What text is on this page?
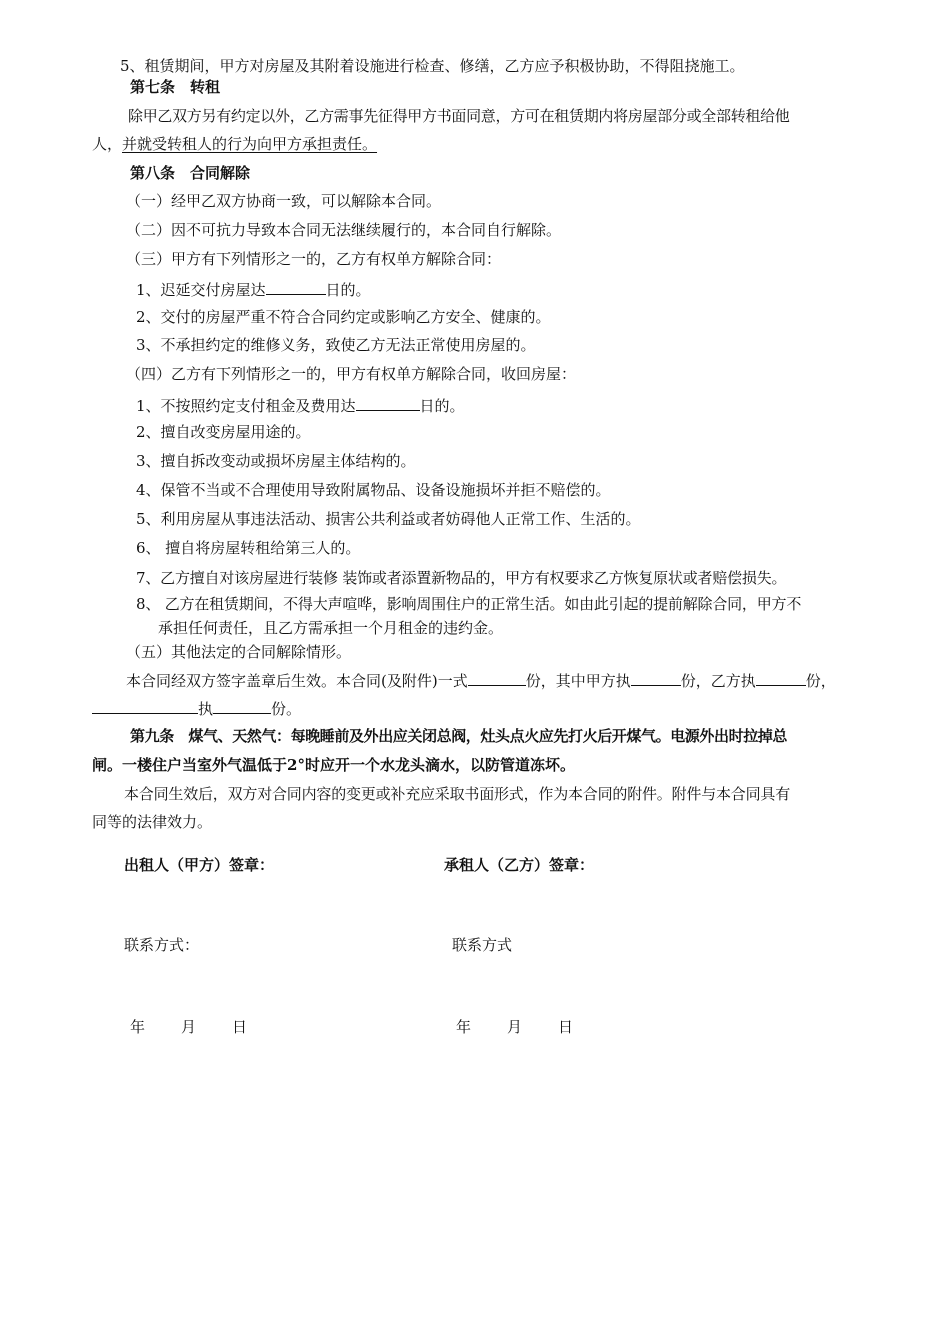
5、租赁期间，甲方对房屋及其附着设施进行检查、修缮，乙方应予积极协助，不得阻挠施工。
第七条　转租
除甲乙双方另有约定以外，乙方需事先征得甲方书面同意，方可在租赁期内将房屋部分或全部转租给他
人，并就受转租人的行为向甲方承担责任。
第八条　合同解除
（一）经甲乙双方协商一致，可以解除本合同。
（二）因不可抗力导致本合同无法继续履行的，本合同自行解除。
（三）甲方有下列情形之一的，乙方有权单方解除合同：
1、迟延交付房屋达	日的。
2、交付的房屋严重不符合合同约定或影响乙方安全、健康的。
3、不承担约定的维修义务，致使乙方无法正常使用房屋的。
（四）乙方有下列情形之一的，甲方有权单方解除合同，收回房屋：
1、不按照约定支付租金及费用达	日的。
2、擅自改变房屋用途的。
3、擅自拆改变动或损坏房屋主体结构的。
4、保管不当或不合理使用导致附属物品、设备设施损坏并拒不赔偿的。
5、利用房屋从事违法活动、损害公共利益或者妨碍他人正常工作、生活的。
6、 擅自将房屋转租给第三人的。
7、乙方擅自对该房屋进行装修 装饰或者添置新物品的，甲方有权要求乙方恢复原状或者赔偿损失。
8、 乙方在租赁期间，不得大声喧哗，影响周围住户的正常生活。如由此引起的提前解除合同，甲方不
承担任何责任，且乙方需承担一个月租金的违约金。
（五）其他法定的合同解除情形。
本合同经双方签字盖章后生效。本合同(及附件)一式	份，其中甲方执	份，乙方执	份，
执	份。
第九条　煤气、天然气：每晚睡前及外出应关闭总阀，灶头点火应先打火后开煤气。电源外出时拉掉总
闸。一楼住户当室外气温低于2°时应开一个水龙头滴水，以防管道冻坏。
本合同生效后，双方对合同内容的变更或补充应采取书面形式，作为本合同的附件。附件与本合同具有
同等的法律效力。
出租人（甲方）签章：	承租人（乙方）签章：
联系方式：	联系方式
年 月 日	年 月 日
